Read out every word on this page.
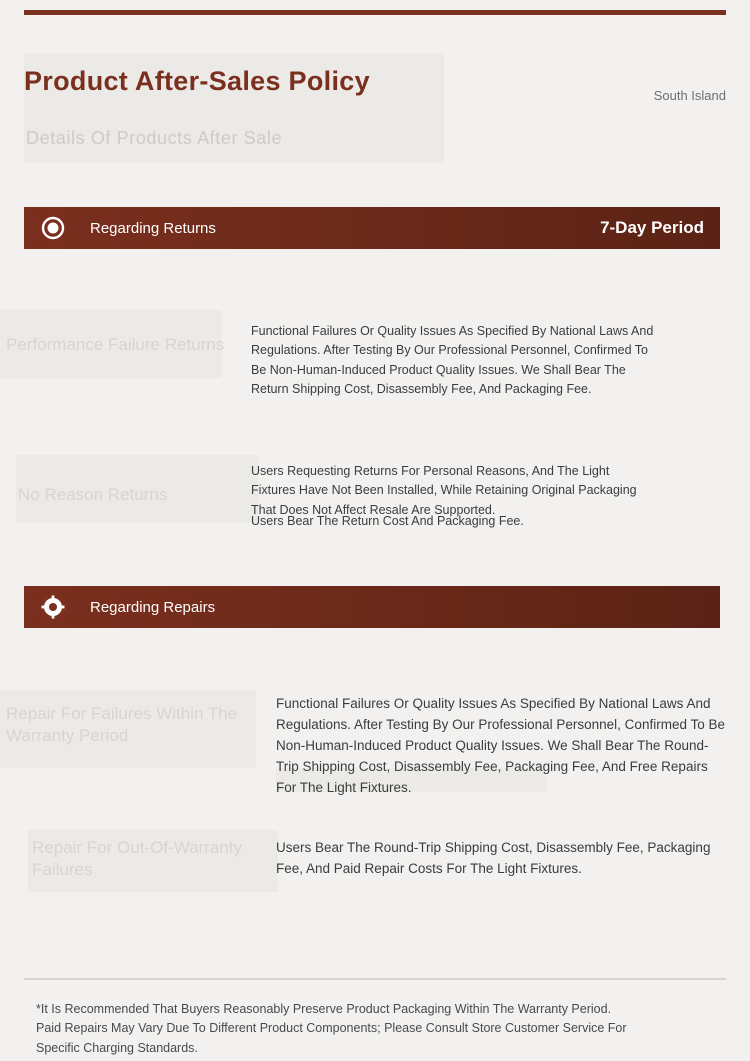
Product After-Sales Policy
Details Of Products After Sale
South Island
Regarding Returns	7-Day Period
Performance Failure Returns
Functional Failures Or Quality Issues As Specified By National Laws And Regulations. After Testing By Our Professional Personnel, Confirmed To Be Non-Human-Induced Product Quality Issues. We Shall Bear The Return Shipping Cost, Disassembly Fee, And Packaging Fee.
No Reason Returns
Users Requesting Returns For Personal Reasons, And The Light Fixtures Have Not Been Installed, While Retaining Original Packaging That Does Not Affect Resale Are Supported.
Users Bear The Return Cost And Packaging Fee.
Regarding Repairs
Repair For Failures Within The Warranty Period
Functional Failures Or Quality Issues As Specified By National Laws And Regulations. After Testing By Our Professional Personnel, Confirmed To Be Non-Human-Induced Product Quality Issues. We Shall Bear The Round-Trip Shipping Cost, Disassembly Fee, Packaging Fee, And Free Repairs For The Light Fixtures.
Repair For Out-Of-Warranty Failures
Users Bear The Round-Trip Shipping Cost, Disassembly Fee, Packaging Fee, And Paid Repair Costs For The Light Fixtures.
*It Is Recommended That Buyers Reasonably Preserve Product Packaging Within The Warranty Period. Paid Repairs May Vary Due To Different Product Components; Please Consult Store Customer Service For Specific Charging Standards.
